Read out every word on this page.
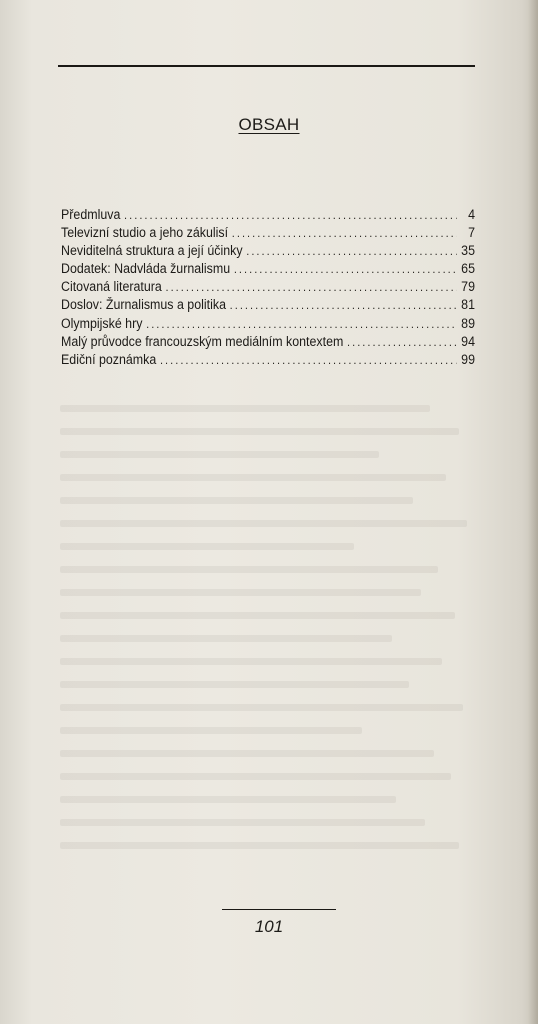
OBSAH
Předmluva .....	4
Televizní studio a jeho zákulisí .....	7
Neviditelná struktura a její účinky .....	35
Dodatek: Nadvláda žurnalismu .....	65
Citovaná literatura .....	79
Doslov: Žurnalismus a politika .....	81
Olympijské hry .....	89
Malý průvodce francouzským mediálním kontextem .....	94
Ediční poznámka .....	99
101
